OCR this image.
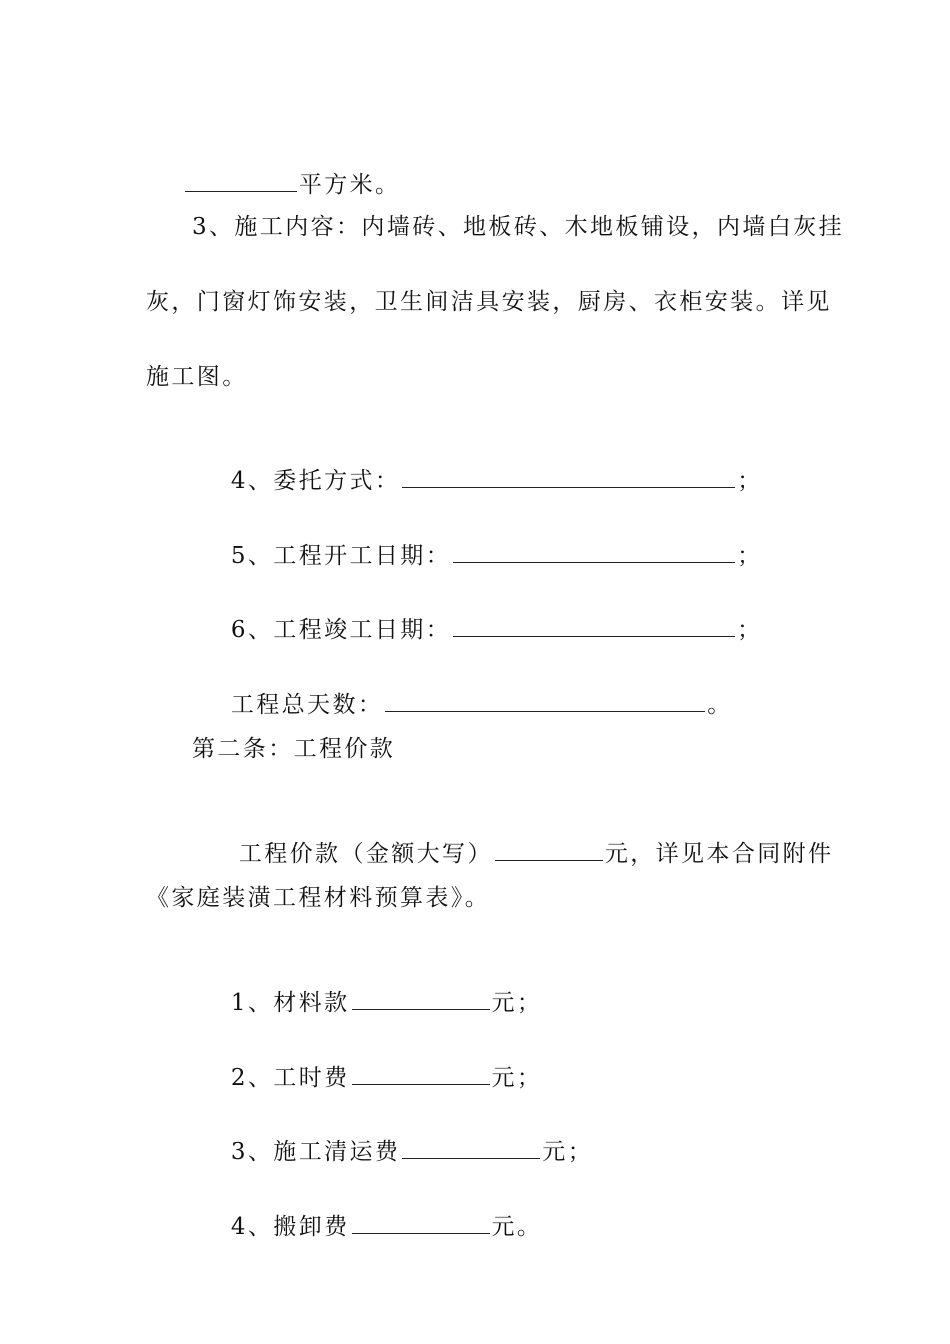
平方米。

3、施工内容：内墙砖、地板砖、木地板铺设，内墙白灰挂
灰，门窗灯饰安装，卫生间洁具安装，厨房、衣柜安装。详见
施工图。

4、委托方式：	；

5、工程开工日期：	；

6、工程竣工日期：	；

工程总天数：	。

第二条：工程价款

工程价款（金额大写）	元，详见本合同附件

《家庭装潢工程材料预算表》。

1、材料款	元；

2、工时费	元；

3、施工清运费	元；

4、搬卸费	元。
